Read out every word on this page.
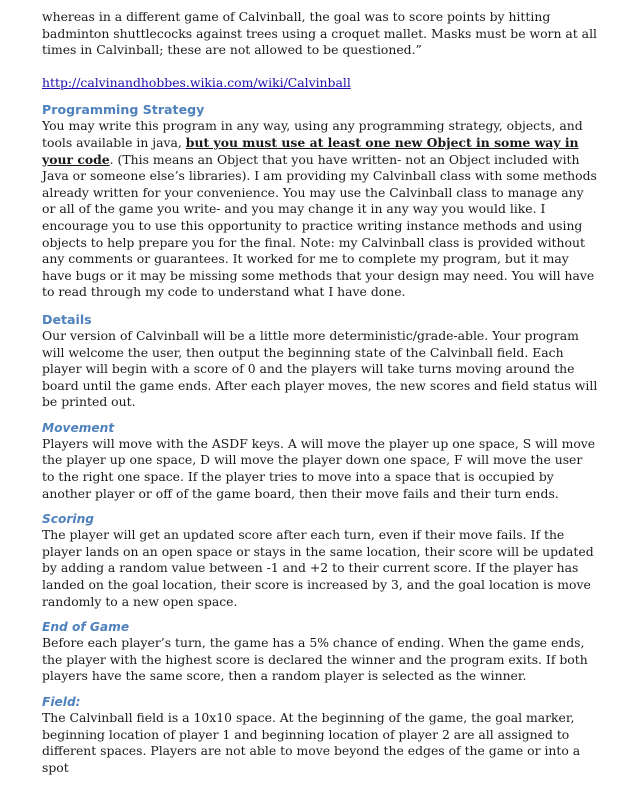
whereas in a different game of Calvinball, the goal was to score points by hitting badminton shuttlecocks against trees using a croquet mallet. Masks must be worn at all times in Calvinball; these are not allowed to be questioned.”

http://calvinandhobbes.wikia.com/wiki/Calvinball

Programming Strategy

You may write this program in any way, using any programming strategy, objects, and tools available in java, but you must use at least one new Object in some way in your code. (This means an Object that you have written- not an Object included with Java or someone else’s libraries). I am providing my Calvinball class with some methods already written for your convenience. You may use the Calvinball class to manage any or all of the game you write- and you may change it in any way you would like. I encourage you to use this opportunity to practice writing instance methods and using objects to help prepare you for the final. Note: my Calvinball class is provided without any comments or guarantees. It worked for me to complete my program, but it may have bugs or it may be missing some methods that your design may need. You will have to read through my code to understand what I have done.

Details

Our version of Calvinball will be a little more deterministic/grade-able. Your program will welcome the user, then output the beginning state of the Calvinball field. Each player will begin with a score of 0 and the players will take turns moving around the board until the game ends. After each player moves, the new scores and field status will be printed out.

Movement

Players will move with the ASDF keys. A will move the player up one space, S will move the player up one space, D will move the player down one space, F will move the user to the right one space. If the player tries to move into a space that is occupied by another player or off of the game board, then their move fails and their turn ends.

Scoring

The player will get an updated score after each turn, even if their move fails. If the player lands on an open space or stays in the same location, their score will be updated by adding a random value between -1 and +2 to their current score. If the player has landed on the goal location, their score is increased by 3, and the goal location is move randomly to a new open space.

End of Game

Before each player’s turn, the game has a 5% chance of ending. When the game ends, the player with the highest score is declared the winner and the program exits. If both players have the same score, then a random player is selected as the winner.

Field:

The Calvinball field is a 10x10 space. At the beginning of the game, the goal marker, beginning location of player 1 and beginning location of player 2 are all assigned to different spaces. Players are not able to move beyond the edges of the game or into a spot
